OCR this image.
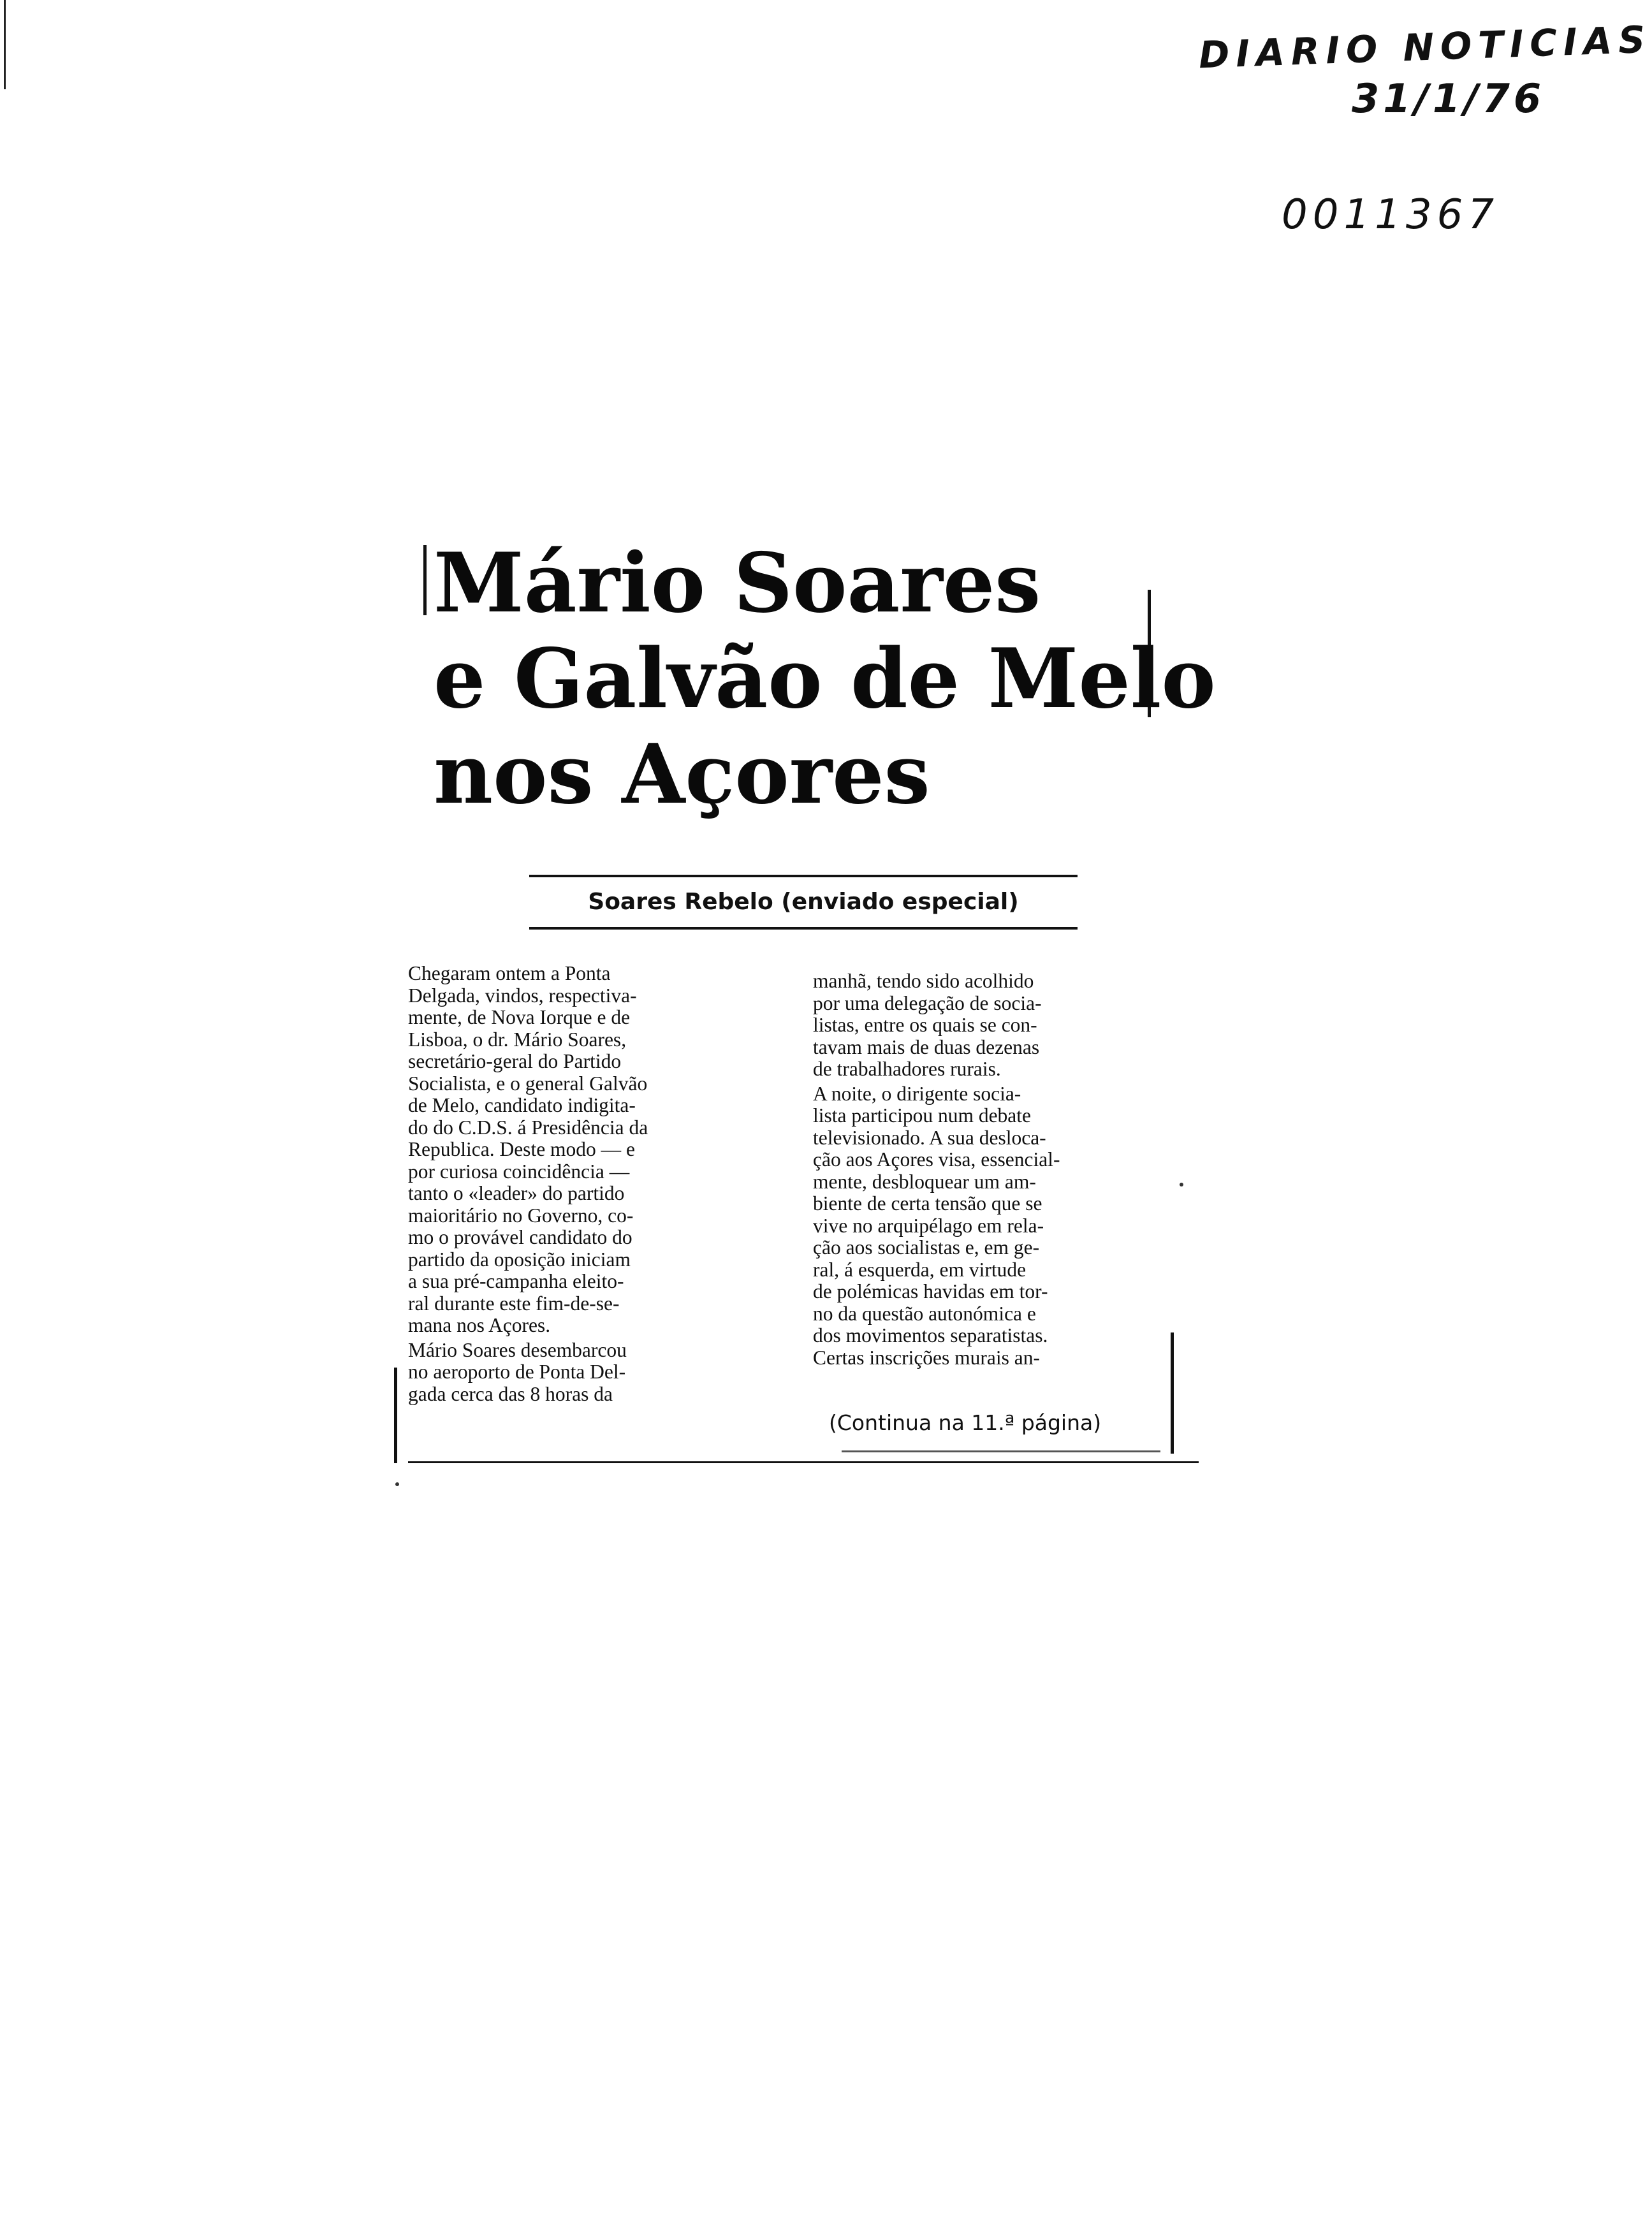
DIARIO NOTICIAS
31/1/76
0011367
Mário Soares
e Galvão de Melo
nos Açores
Soares Rebelo (enviado especial)

Chegaram ontem a Ponta
Delgada, vindos, respectiva-
mente, de Nova Iorque e de
Lisboa, o dr. Mário Soares,
secretário-geral do Partido
Socialista, e o general Galvão
de Melo, candidato indigita-
do do C.D.S. á Presidência da
Republica. Deste modo — e
por curiosa coincidência —
tanto o «leader» do partido
maioritário no Governo, co-
mo o provável candidato do
partido da oposição iniciam
a sua pré-campanha eleito-
ral durante este fim-de-se-
mana nos Açores.

Mário Soares desembarcou
no aeroporto de Ponta Del-
gada cerca das 8 horas da

manhã, tendo sido acolhido
por uma delegação de socia-
listas, entre os quais se con-
tavam mais de duas dezenas
de trabalhadores rurais.

A noite, o dirigente socia-
lista participou num debate
televisionado. A sua desloca-
ção aos Açores visa, essencial-
mente, desbloquear um am-
biente de certa tensão que se
vive no arquipélago em rela-
ção aos socialistas e, em ge-
ral, á esquerda, em virtude
de polémicas havidas em tor-
no da questão autonómica e
dos movimentos separatistas.
Certas inscrições murais an-

(Continua na 11.ª página)
